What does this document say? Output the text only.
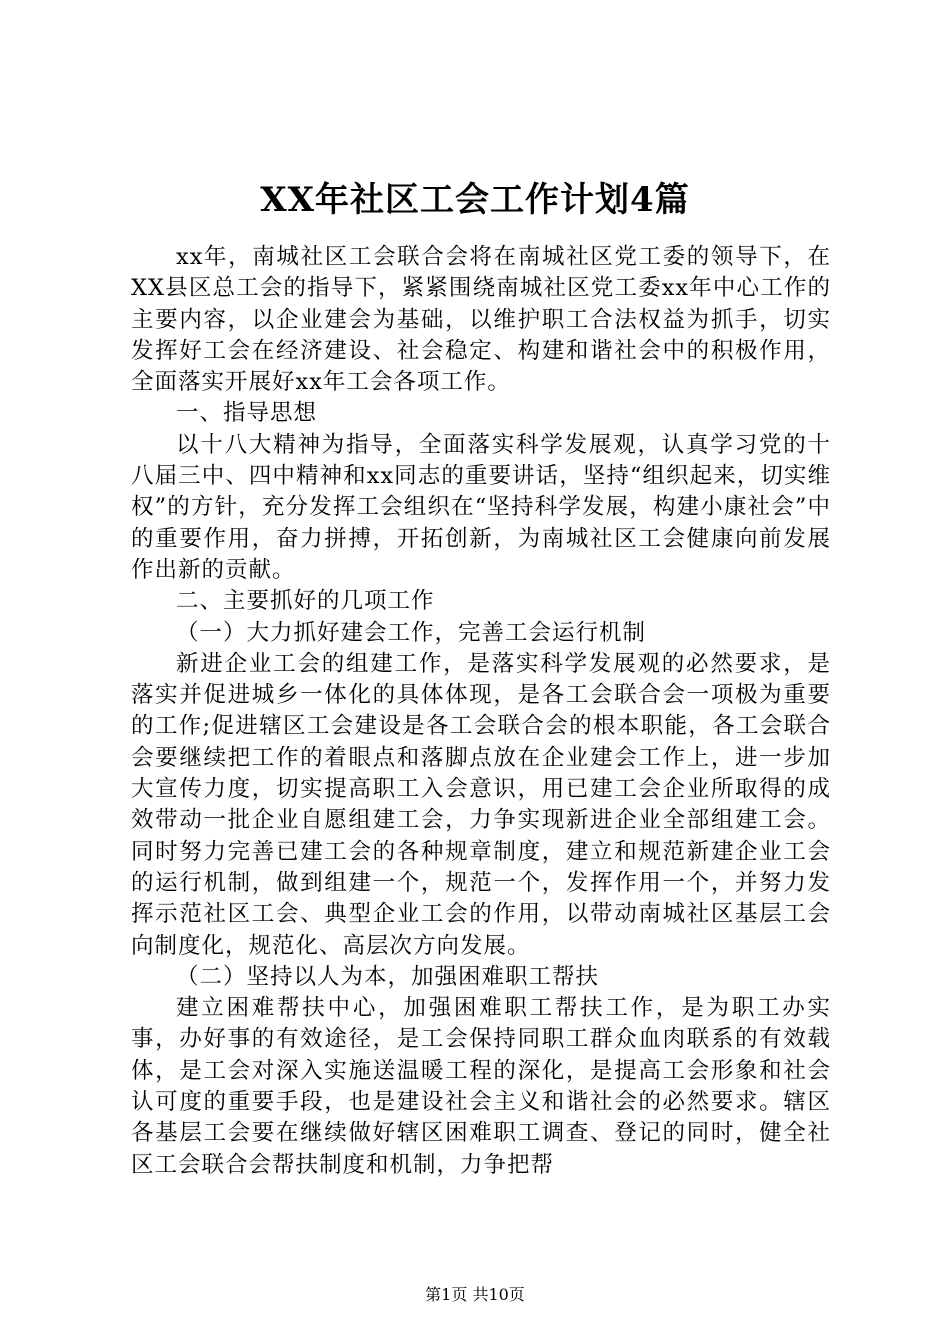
XX年社区工会工作计划4篇

xx年，南城社区工会联合会将在南城社区党工委的领导下，在XX县区总工会的指导下，紧紧围绕南城社区党工委xx年中心工作的主要内容，以企业建会为基础，以维护职工合法权益为抓手，切实发挥好工会在经济建设、社会稳定、构建和谐社会中的积极作用，全面落实开展好xx年工会各项工作。

一、指导思想

以十八大精神为指导，全面落实科学发展观，认真学习党的十八届三中、四中精神和xx同志的重要讲话，坚持“组织起来，切实维权”的方针，充分发挥工会组织在“坚持科学发展，构建小康社会”中的重要作用，奋力拼搏，开拓创新，为南城社区工会健康向前发展作出新的贡献。

二、主要抓好的几项工作

（一）大力抓好建会工作，完善工会运行机制

新进企业工会的组建工作，是落实科学发展观的必然要求，是落实并促进城乡一体化的具体体现，是各工会联合会一项极为重要的工作;促进辖区工会建设是各工会联合会的根本职能，各工会联合会要继续把工作的着眼点和落脚点放在企业建会工作上，进一步加大宣传力度，切实提高职工入会意识，用已建工会企业所取得的成效带动一批企业自愿组建工会，力争实现新进企业全部组建工会。同时努力完善已建工会的各种规章制度，建立和规范新建企业工会的运行机制，做到组建一个，规范一个，发挥作用一个，并努力发挥示范社区工会、典型企业工会的作用，以带动南城社区基层工会向制度化，规范化、高层次方向发展。

（二）坚持以人为本，加强困难职工帮扶

建立困难帮扶中心，加强困难职工帮扶工作，是为职工办实事，办好事的有效途径，是工会保持同职工群众血肉联系的有效载体，是工会对深入实施送温暖工程的深化，是提高工会形象和社会认可度的重要手段，也是建设社会主义和谐社会的必然要求。辖区各基层工会要在继续做好辖区困难职工调查、登记的同时，健全社区工会联合会帮扶制度和机制，力争把帮

第1页 共10页
